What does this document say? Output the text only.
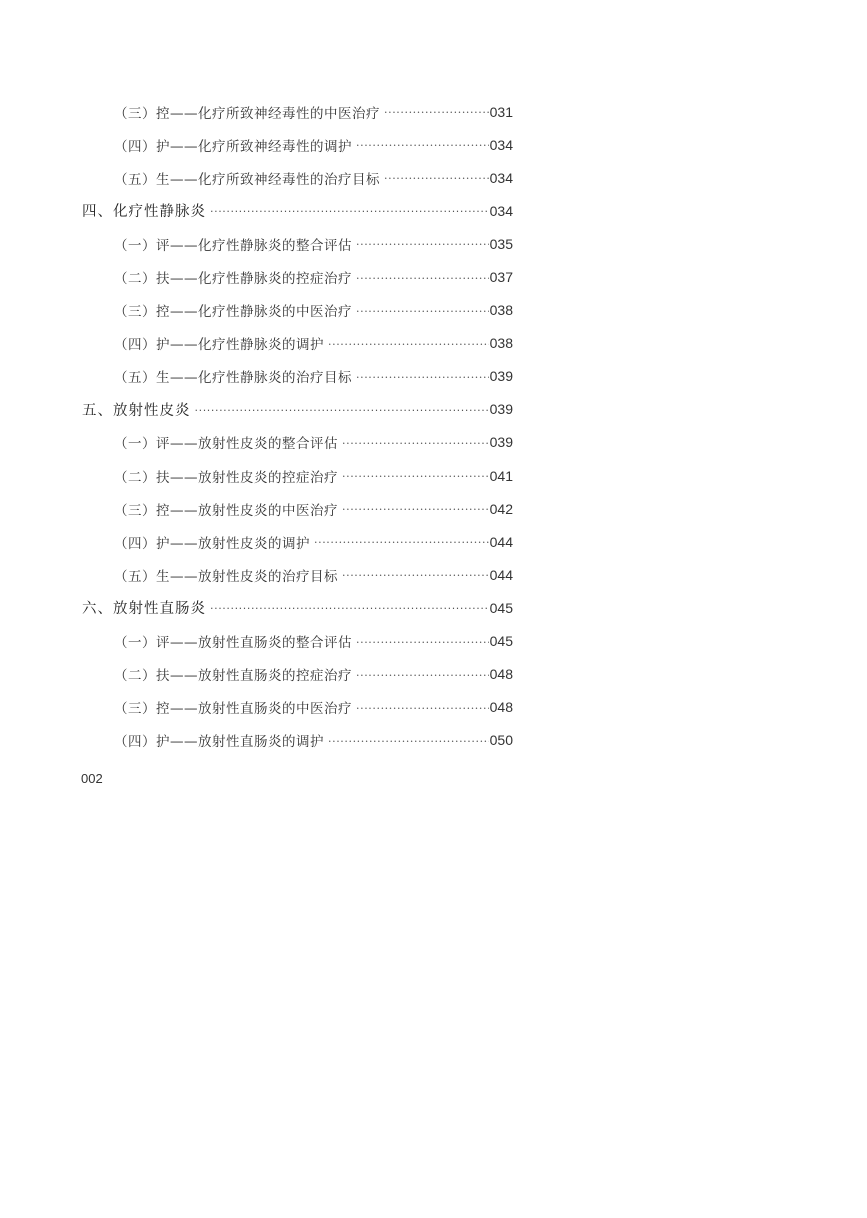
（三）控——化疗所致神经毒性的中医治疗 ·····	031
（四）护——化疗所致神经毒性的调护 ·····	034
（五）生——化疗所致神经毒性的治疗目标 ·····	034
四、化疗性静脉炎 ·····	034
（一）评——化疗性静脉炎的整合评估 ·····	035
（二）扶——化疗性静脉炎的控症治疗 ·····	037
（三）控——化疗性静脉炎的中医治疗 ·····	038
（四）护——化疗性静脉炎的调护 ·····	038
（五）生——化疗性静脉炎的治疗目标 ·····	039
五、放射性皮炎 ·····	039
（一）评——放射性皮炎的整合评估 ·····	039
（二）扶——放射性皮炎的控症治疗 ·····	041
（三）控——放射性皮炎的中医治疗 ·····	042
（四）护——放射性皮炎的调护 ·····	044
（五）生——放射性皮炎的治疗目标 ·····	044
六、放射性直肠炎 ·····	045
（一）评——放射性直肠炎的整合评估 ·····	045
（二）扶——放射性直肠炎的控症治疗 ·····	048
（三）控——放射性直肠炎的中医治疗 ·····	048
（四）护——放射性直肠炎的调护 ·····	050
002
